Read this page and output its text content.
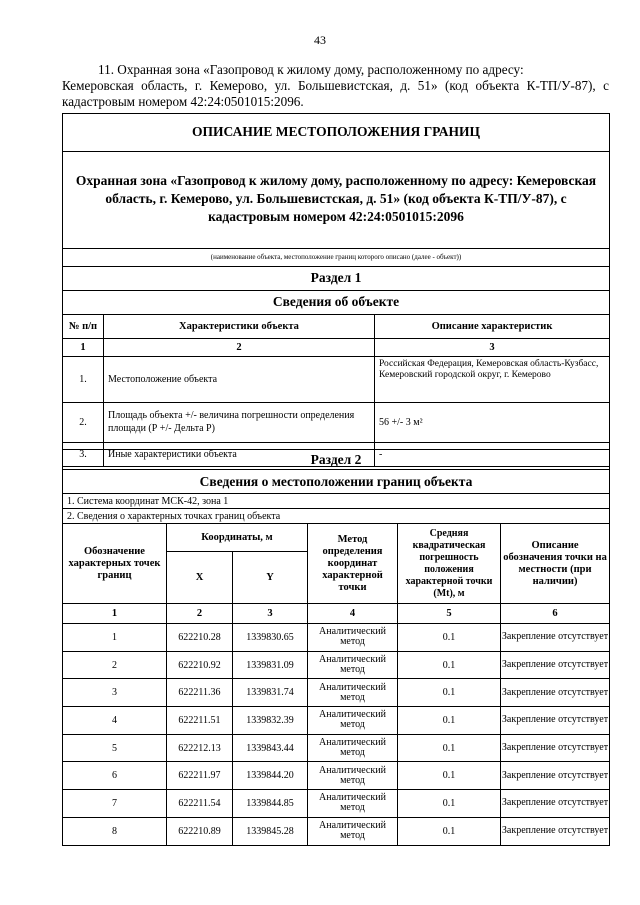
43
11. Охранная зона «Газопровод к жилому дому, расположенному по адресу:
Кемеровская область, г. Кемерово, ул. Большевистская, д. 51» (код объекта К-ТП/У-87), с кадастровым номером 42:24:0501015:2096.
ОПИСАНИЕ МЕСТОПОЛОЖЕНИЯ ГРАНИЦ		
Охранная зона «Газопровод к жилому дому, расположенному по адресу: Кемеровская область, г. Кемерово, ул. Большевистская, д. 51» (код объекта К-ТП/У-87), с кадастровым номером 42:24:0501015:2096		

(наименование объекта, местоположение границ которого описано (далее - объект))		
Раздел 1		
Сведения об объекте		
№ п/п	Характеристики объекта	Описание характеристик
1	2	3
1.	Местоположение объекта	Российская Федерация, Кемеровская область-Кузбасс, Кемеровский городской округ, г. Кемерово
2.	Площадь объекта +/- величина погрешности определения площади (Р +/- Дельта Р)	56 +/- 3 м²
3.	Иные характеристики объекта	-
Раздел 2					
Сведения о местоположении границ объекта					
1. Система координат МСК-42, зона 1					
2. Сведения о характерных точках границ объекта					
Обозначение характерных точек границ	Координаты, м		Метод определения координат характерной точки	Средняя квадратическая погрешность положения характерной точки (Mt), м	Описание обозначения точки на местности (при наличии)
	X	Y			
1	2	3	4	5	6
1	622210.28	1339830.65	Аналитический метод	0.1	Закрепление отсутствует
2	622210.92	1339831.09	Аналитический метод	0.1	Закрепление отсутствует
3	622211.36	1339831.74	Аналитический метод	0.1	Закрепление отсутствует
4	622211.51	1339832.39	Аналитический метод	0.1	Закрепление отсутствует
5	622212.13	1339843.44	Аналитический метод	0.1	Закрепление отсутствует
6	622211.97	1339844.20	Аналитический метод	0.1	Закрепление отсутствует
7	622211.54	1339844.85	Аналитический метод	0.1	Закрепление отсутствует
8	622210.89	1339845.28	Аналитический метод	0.1	Закрепление отсутствует
